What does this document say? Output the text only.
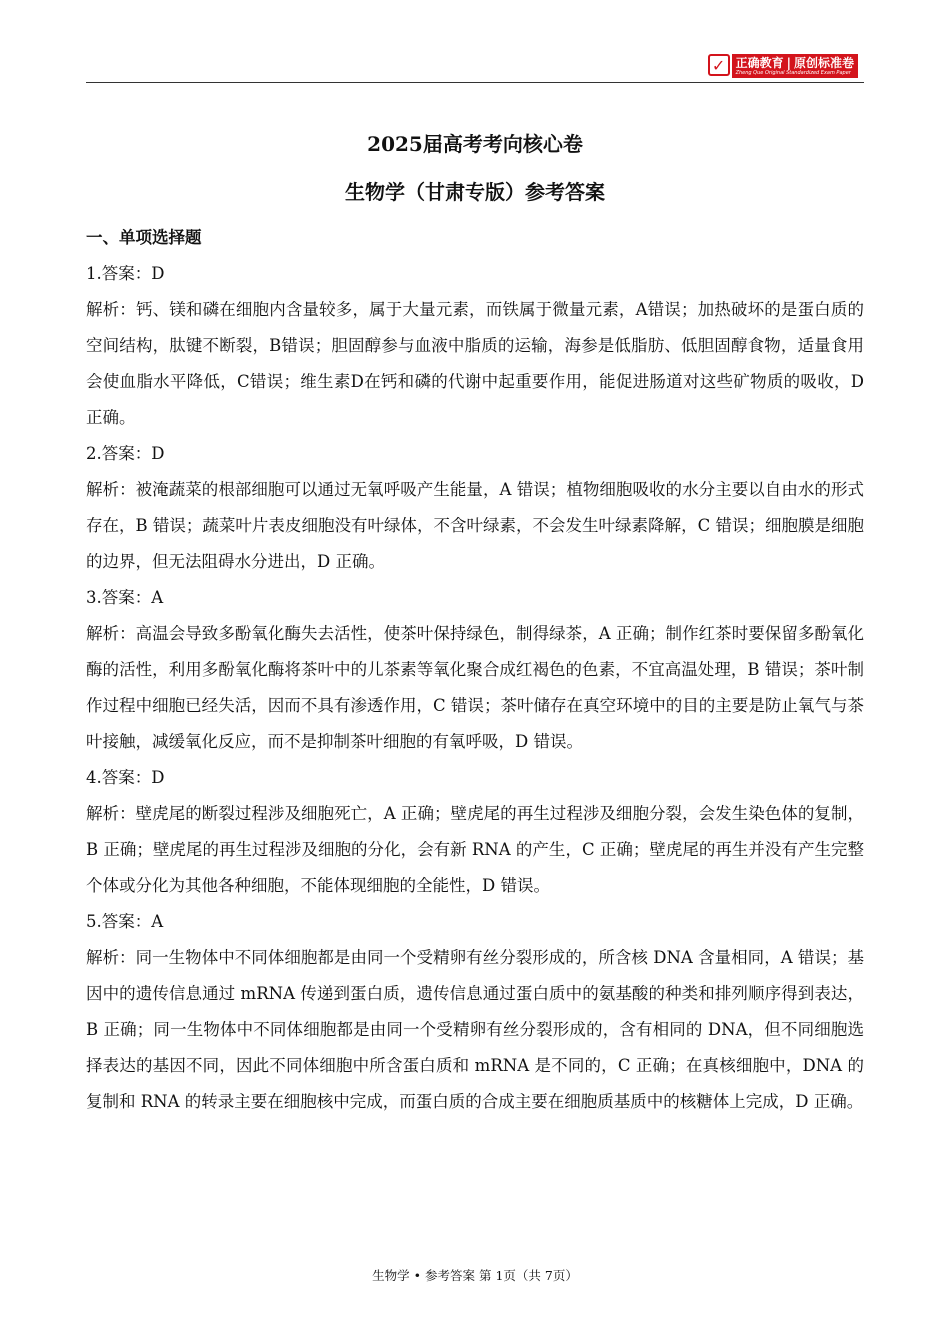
✓ 正确教育 | 原创标准卷
Zheng Que Original Standardized Exam Paper
2025届高考考向核心卷
生物学（甘肃专版）参考答案
一、单项选择题
1.答案：D
解析：钙、镁和磷在细胞内含量较多，属于大量元素，而铁属于微量元素，A错误；加热破坏的是蛋白质的空间结构，肽键不断裂，B错误；胆固醇参与血液中脂质的运输，海参是低脂肪、低胆固醇食物，适量食用会使血脂水平降低，C错误；维生素D在钙和磷的代谢中起重要作用，能促进肠道对这些矿物质的吸收，D正确。
2.答案：D
解析：被淹蔬菜的根部细胞可以通过无氧呼吸产生能量，A 错误；植物细胞吸收的水分主要以自由水的形式存在，B 错误；蔬菜叶片表皮细胞没有叶绿体，不含叶绿素，不会发生叶绿素降解，C 错误；细胞膜是细胞的边界，但无法阻碍水分进出，D 正确。
3.答案：A
解析：高温会导致多酚氧化酶失去活性，使茶叶保持绿色，制得绿茶，A 正确；制作红茶时要保留多酚氧化酶的活性，利用多酚氧化酶将茶叶中的儿茶素等氧化聚合成红褐色的色素，不宜高温处理，B 错误；茶叶制作过程中细胞已经失活，因而不具有渗透作用，C 错误；茶叶储存在真空环境中的目的主要是防止氧气与茶叶接触，减缓氧化反应，而不是抑制茶叶细胞的有氧呼吸，D 错误。
4.答案：D
解析：壁虎尾的断裂过程涉及细胞死亡，A 正确；壁虎尾的再生过程涉及细胞分裂，会发生染色体的复制，B 正确；壁虎尾的再生过程涉及细胞的分化，会有新 RNA 的产生，C 正确；壁虎尾的再生并没有产生完整个体或分化为其他各种细胞，不能体现细胞的全能性，D 错误。
5.答案：A
解析：同一生物体中不同体细胞都是由同一个受精卵有丝分裂形成的，所含核 DNA 含量相同，A 错误；基因中的遗传信息通过 mRNA 传递到蛋白质，遗传信息通过蛋白质中的氨基酸的种类和排列顺序得到表达，B 正确；同一生物体中不同体细胞都是由同一个受精卵有丝分裂形成的，含有相同的 DNA，但不同细胞选择表达的基因不同，因此不同体细胞中所含蛋白质和 mRNA 是不同的，C 正确；在真核细胞中，DNA 的复制和 RNA 的转录主要在细胞核中完成，而蛋白质的合成主要在细胞质基质中的核糖体上完成，D 正确。
生物学 • 参考答案 第 1页（共 7页）
